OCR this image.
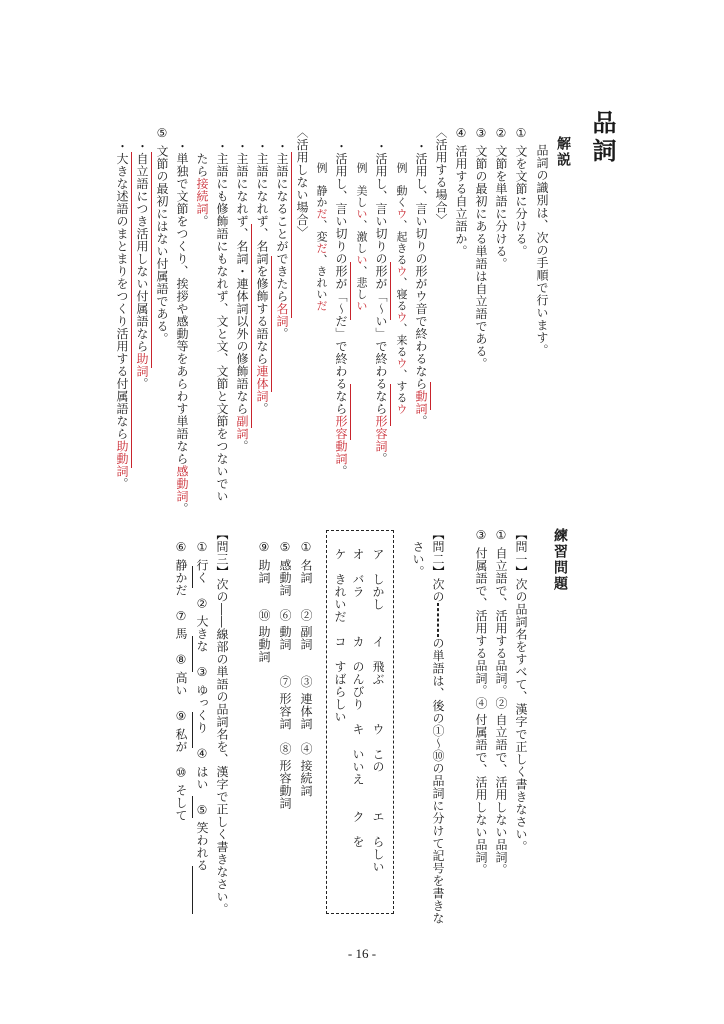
品詞
解説
品詞の識別は、次の手順で行います。
① 文を文節に分ける。
② 文節を単語に分ける。
③ 文節の最初にある単語は自立語である。
④ 活用する自立語か。
〈活用する場合〉
・活用し、言い切りの形がウ音で終わるなら動詞。
例　動くウ、起きるウ、寝るウ、来るウ、するウ
・活用し、言い切りの形が「〜い」で終わるなら形容詞。
例　美しい、激しい、悲しい
・活用し、言い切りの形が「〜だ」で終わるなら形容動詞。
例　静かだ、変だ、きれいだ
〈活用しない場合〉
・主語になることができたら名詞。
・主語になれず、名詞を修飾する語なら連体詞。
・主語になれず、名詞・連体詞以外の修飾語なら副詞。
・主語にも修飾語にもなれず、文と文、文節と文節をつないでい
　たら接続詞。
・単独で文節をつくり、挨拶や感動等をあらわす単語なら感動詞。
⑤ 文節の最初にはない付属語である。
・自立語につき活用しない付属語なら助詞。
・大きな述語のまとまりをつくり活用する付属語なら助動詞。
練習問題
【問一】次の品詞名をすべて、漢字で正しく書きなさい。
① 自立語で、活用する品詞。② 自立語で、活用しない品詞。
③ 付属語で、活用する品詞。④ 付属語で、活用しない品詞。
【問二】次のの単語は、後の①〜⑩の品詞に分けて記号を書きな
　さい。
ア　しかし　　イ　飛ぶ　　　ウ　この　　　エ　らしい
オ　バラ　　　カ　のんびり　キ　いいえ　　ク　を
ケ　きれいだ　コ　すばらしい
① 名詞　　② 副詞　　③ 連体詞　④ 接続詞
⑤ 感動詞　⑥ 動詞　　⑦ 形容詞　⑧ 形容動詞
⑨ 助詞　　⑩ 助動詞
【問三】次の――線部の単語の品詞名を、漢字で正しく書きなさい。
① 行く　② 大きな　③ ゆっくり　④ はい　⑤ 笑われる
⑥ 静かだ　⑦ 馬　⑧ 高い　⑨ 私が　⑩ そして
- 16 -
